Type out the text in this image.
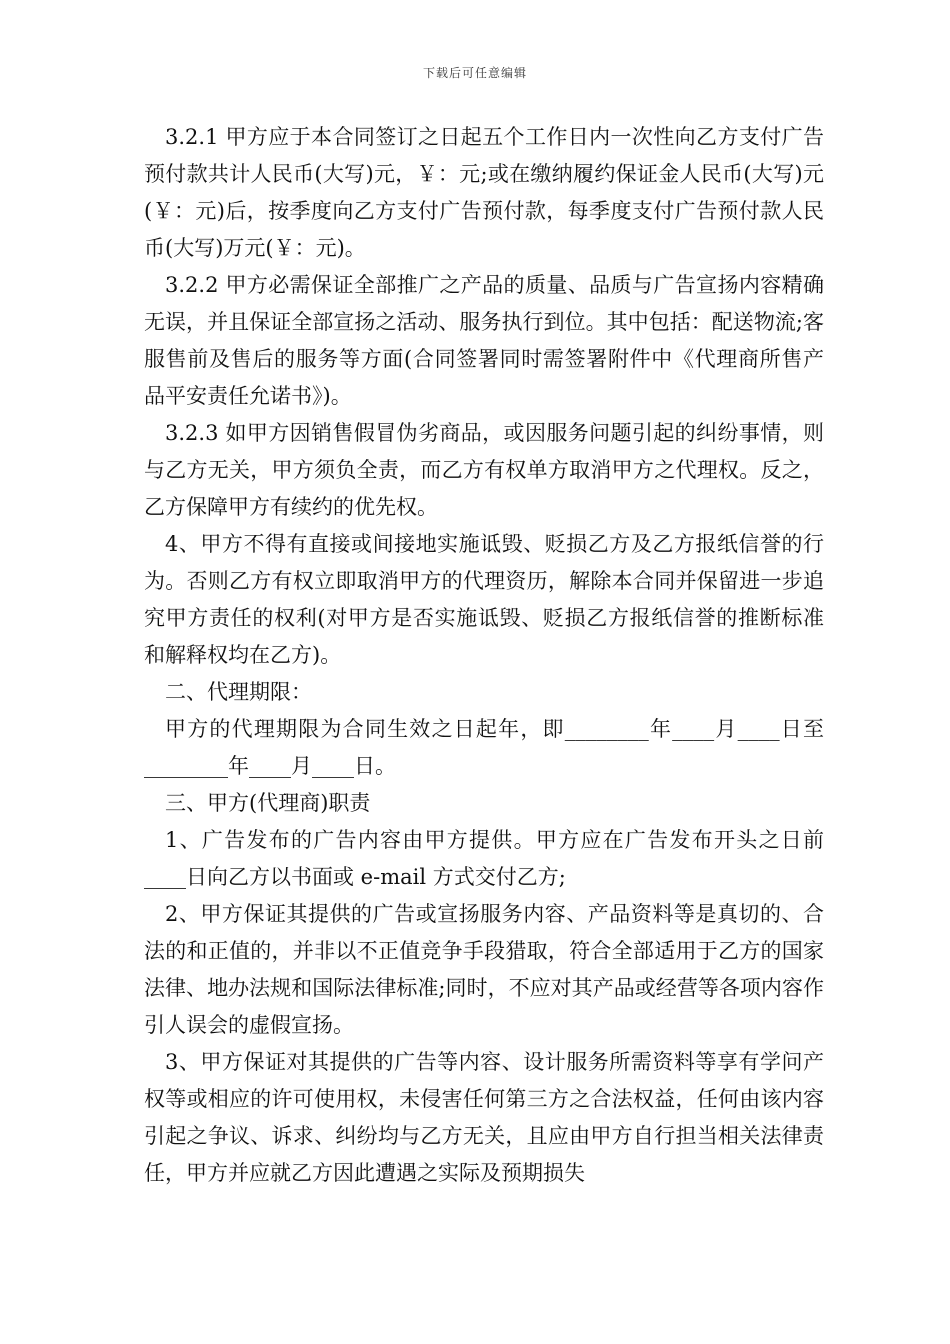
下载后可任意编辑

3.2.1 甲方应于本合同签订之日起五个工作日内一次性向乙方支付广告预付款共计人民币(大写)元，￥：元;或在缴纳履约保证金人民币(大写)元(￥：元)后，按季度向乙方支付广告预付款，每季度支付广告预付款人民币(大写)万元(￥：元)。

3.2.2 甲方必需保证全部推广之产品的质量、品质与广告宣扬内容精确无误，并且保证全部宣扬之活动、服务执行到位。其中包括：配送物流;客服售前及售后的服务等方面(合同签署同时需签署附件中《代理商所售产品平安责任允诺书》)。

3.2.3 如甲方因销售假冒伪劣商品，或因服务问题引起的纠纷事情，则与乙方无关，甲方须负全责，而乙方有权单方取消甲方之代理权。反之，乙方保障甲方有续约的优先权。

4、甲方不得有直接或间接地实施诋毁、贬损乙方及乙方报纸信誉的行为。否则乙方有权立即取消甲方的代理资历，解除本合同并保留进一步追究甲方责任的权利(对甲方是否实施诋毁、贬损乙方报纸信誉的推断标准和解释权均在乙方)。

二、代理期限：

甲方的代理期限为合同生效之日起年，即________年____月____日至________年____月____日。

三、甲方(代理商)职责

1、广告发布的广告内容由甲方提供。甲方应在广告发布开头之日前____日向乙方以书面或 e-mail 方式交付乙方;

2、甲方保证其提供的广告或宣扬服务内容、产品资料等是真切的、合法的和正值的，并非以不正值竞争手段猎取，符合全部适用于乙方的国家法律、地办法规和国际法律标准;同时，不应对其产品或经营等各项内容作引人误会的虚假宣扬。

3、甲方保证对其提供的广告等内容、设计服务所需资料等享有学问产权等或相应的许可使用权，未侵害任何第三方之合法权益，任何由该内容引起之争议、诉求、纠纷均与乙方无关，且应由甲方自行担当相关法律责任，甲方并应就乙方因此遭遇之实际及预期损失
